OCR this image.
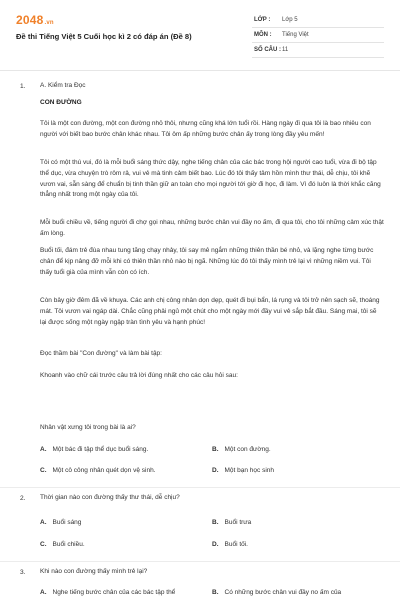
2048.vn
Đề thi Tiếng Việt 5 Cuối học kì 2 có đáp án (Đề 8)
LỚP : Lớp 5
MÔN : Tiếng Việt
SỐ CÂU : 11
1. A. Kiểm tra Đọc
CON ĐƯỜNG
Tôi là một con đường, một con đường nhỏ thôi, nhưng cũng khá lớn tuổi rồi. Hàng ngày đi qua tôi là bao nhiêu con người với biết bao bước chân khác nhau. Tôi ôm ấp những bước chân ấy trong lòng đầy yêu mến!
Tôi có một thú vui, đó là mỗi buổi sáng thức dậy, nghe tiếng chân của các bác trong hội người cao tuổi, vừa đi bộ tập thể dục, vừa chuyện trò rôm rả, vui vẻ mà tinh cảm biết bao. Lúc đó tôi thấy tâm hồn mình thư thái, dễ chịu, tôi khẽ vươn vai, sẵn sàng để chuẩn bị tinh thần giữ an toàn cho mọi người tới giờ đi học, đi làm. Vì đó luôn là thời khắc căng thẳng nhất trong một ngày của tôi.
Mỗi buổi chiều về, tiếng người đi chợ gọi nhau, những bước chân vui đầy no ấm, đi qua tôi, cho tôi những cảm xúc thật ấm lòng.
Buổi tối, đám trẻ đùa nhau tung tăng chạy nhảy, tôi say mê ngắm những thiên thần bé nhỏ, và lặng nghe từng bước chân để kịp nâng đỡ mỗi khi có thiên thần nhỏ nào bị ngã. Những lúc đó tôi thấy mình trẻ lại vì những niềm vui. Tôi thấy tuổi già của mình vẫn còn có ích.
Còn bây giờ đêm đã về khuya. Các anh chị công nhân dọn dẹp, quét đi bụi bẩn, lá rụng và tôi trở nên sạch sẽ, thoáng mát. Tôi vươn vai ngáp dài. Chắc cũng phải ngủ một chút cho một ngày mới đầy vui vẻ sắp bắt đầu. Sáng mai, tôi sẽ lại được sống một ngày ngập tràn tình yêu và hạnh phúc!
Đọc thầm bài "Con đường" và làm bài tập:
Khoanh vào chữ cái trước câu trả lời đúng nhất cho các câu hỏi sau:
Nhân vật xưng tôi trong bài là ai?
A. Một bác đi tập thể dục buổi sáng.	B. Một con đường.
C. Một cô công nhân quét dọn vệ sinh.	D. Một bạn học sinh
2. Thời gian nào con đường thấy thư thái, dễ chịu?
A. Buổi sáng	B. Buổi trưa
C. Buổi chiều.	D. Buổi tối.
3. Khi nào con đường thấy mình trẻ lại?
A. Nghe tiếng bước chân của các bác tập thể	B. Có những bước chân vui đầy no ấm của
